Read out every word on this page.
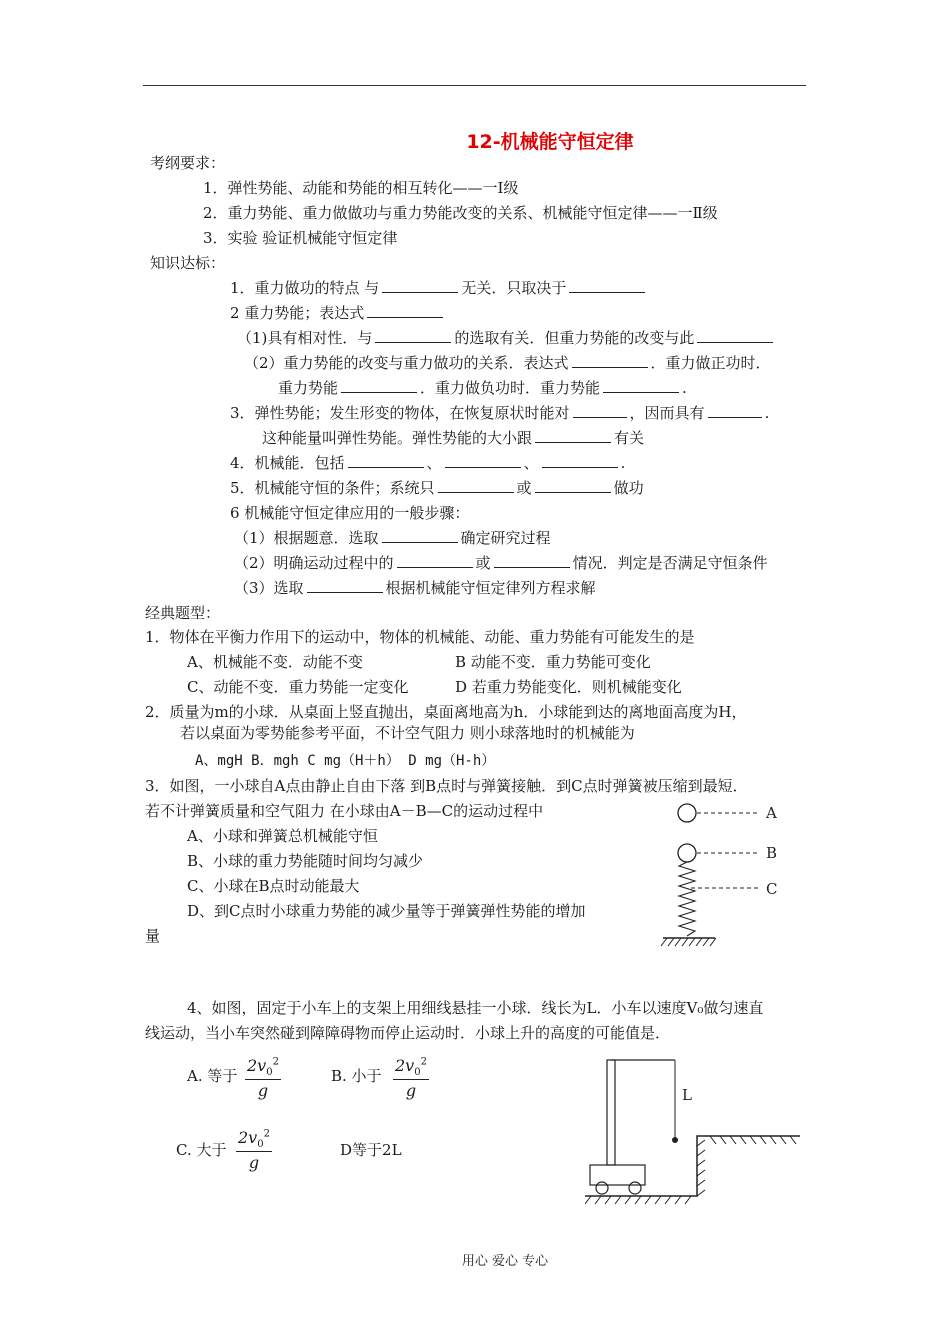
12-机械能守恒定律
考纲要求：
1．弹性势能、动能和势能的相互转化——一Ⅰ级
2．重力势能、重力做做功与重力势能改变的关系、机械能守恒定律——一Ⅱ级
3．实验 验证机械能守恒定律
知识达标：
1．重力做功的特点 与	无关．只取决于
2 重力势能；表达式
（1)具有相对性．与	的选取有关．但重力势能的改变与此
（2）重力势能的改变与重力做功的关系．表达式	．重力做正功时．
重力势能	．重力做负功时．重力势能	.
3．弹性势能；发生形变的物体，在恢复原状时能对	，因而具有	.
这种能量叫弹性势能。弹性势能的大小跟	有关
4．机械能．包括	、	、	.
5．机械能守恒的条件；系统只	或	做功
6 机械能守恒定律应用的一般步骤：
（1）根据题意．选取	确定研究过程
（2）明确运动过程中的	或	情况．判定是否满足守恒条件
（3）选取	根据机械能守恒定律列方程求解
经典题型：
1．物体在平衡力作用下的运动中，物体的机械能、动能、重力势能有可能发生的是
A、机械能不变．动能不变	B 动能不变．重力势能可变化
C、动能不变．重力势能一定变化	D 若重力势能变化．则机械能变化
2．质量为m的小球．从桌面上竖直抛出，桌面离地高为h．小球能到达的离地面高度为H，
若以桌面为零势能参考平面，不计空气阻力 则小球落地时的机械能为
A、mgH B．mgh C mg（H＋h） D mg（H-h）
3．如图，一小球自A点由静止自由下落 到B点时与弹簧接触．到C点时弹簧被压缩到最短．
若不计弹簧质量和空气阻力 在小球由A－B—C的运动过程中
A、小球和弹簧总机械能守恒
B、小球的重力势能随时间均匀减少
C、小球在B点时动能最大
D、到C点时小球重力势能的减少量等于弹簧弹性势能的增加
量
A
B
C
4、如图，固定于小车上的支架上用细线悬挂一小球．线长为L．小车以速度V₀做匀速直
线运动，当小车突然碰到障障碍物而停止运动时．小球上升的高度的可能值是．
A. 等于 $\frac{2v_0^2}{g}$	B. 小于 $\frac{2v_0^2}{g}$
C. 大于 $\frac{2v_0^2}{g}$	D等于2L
L
用心 爱心 专心
